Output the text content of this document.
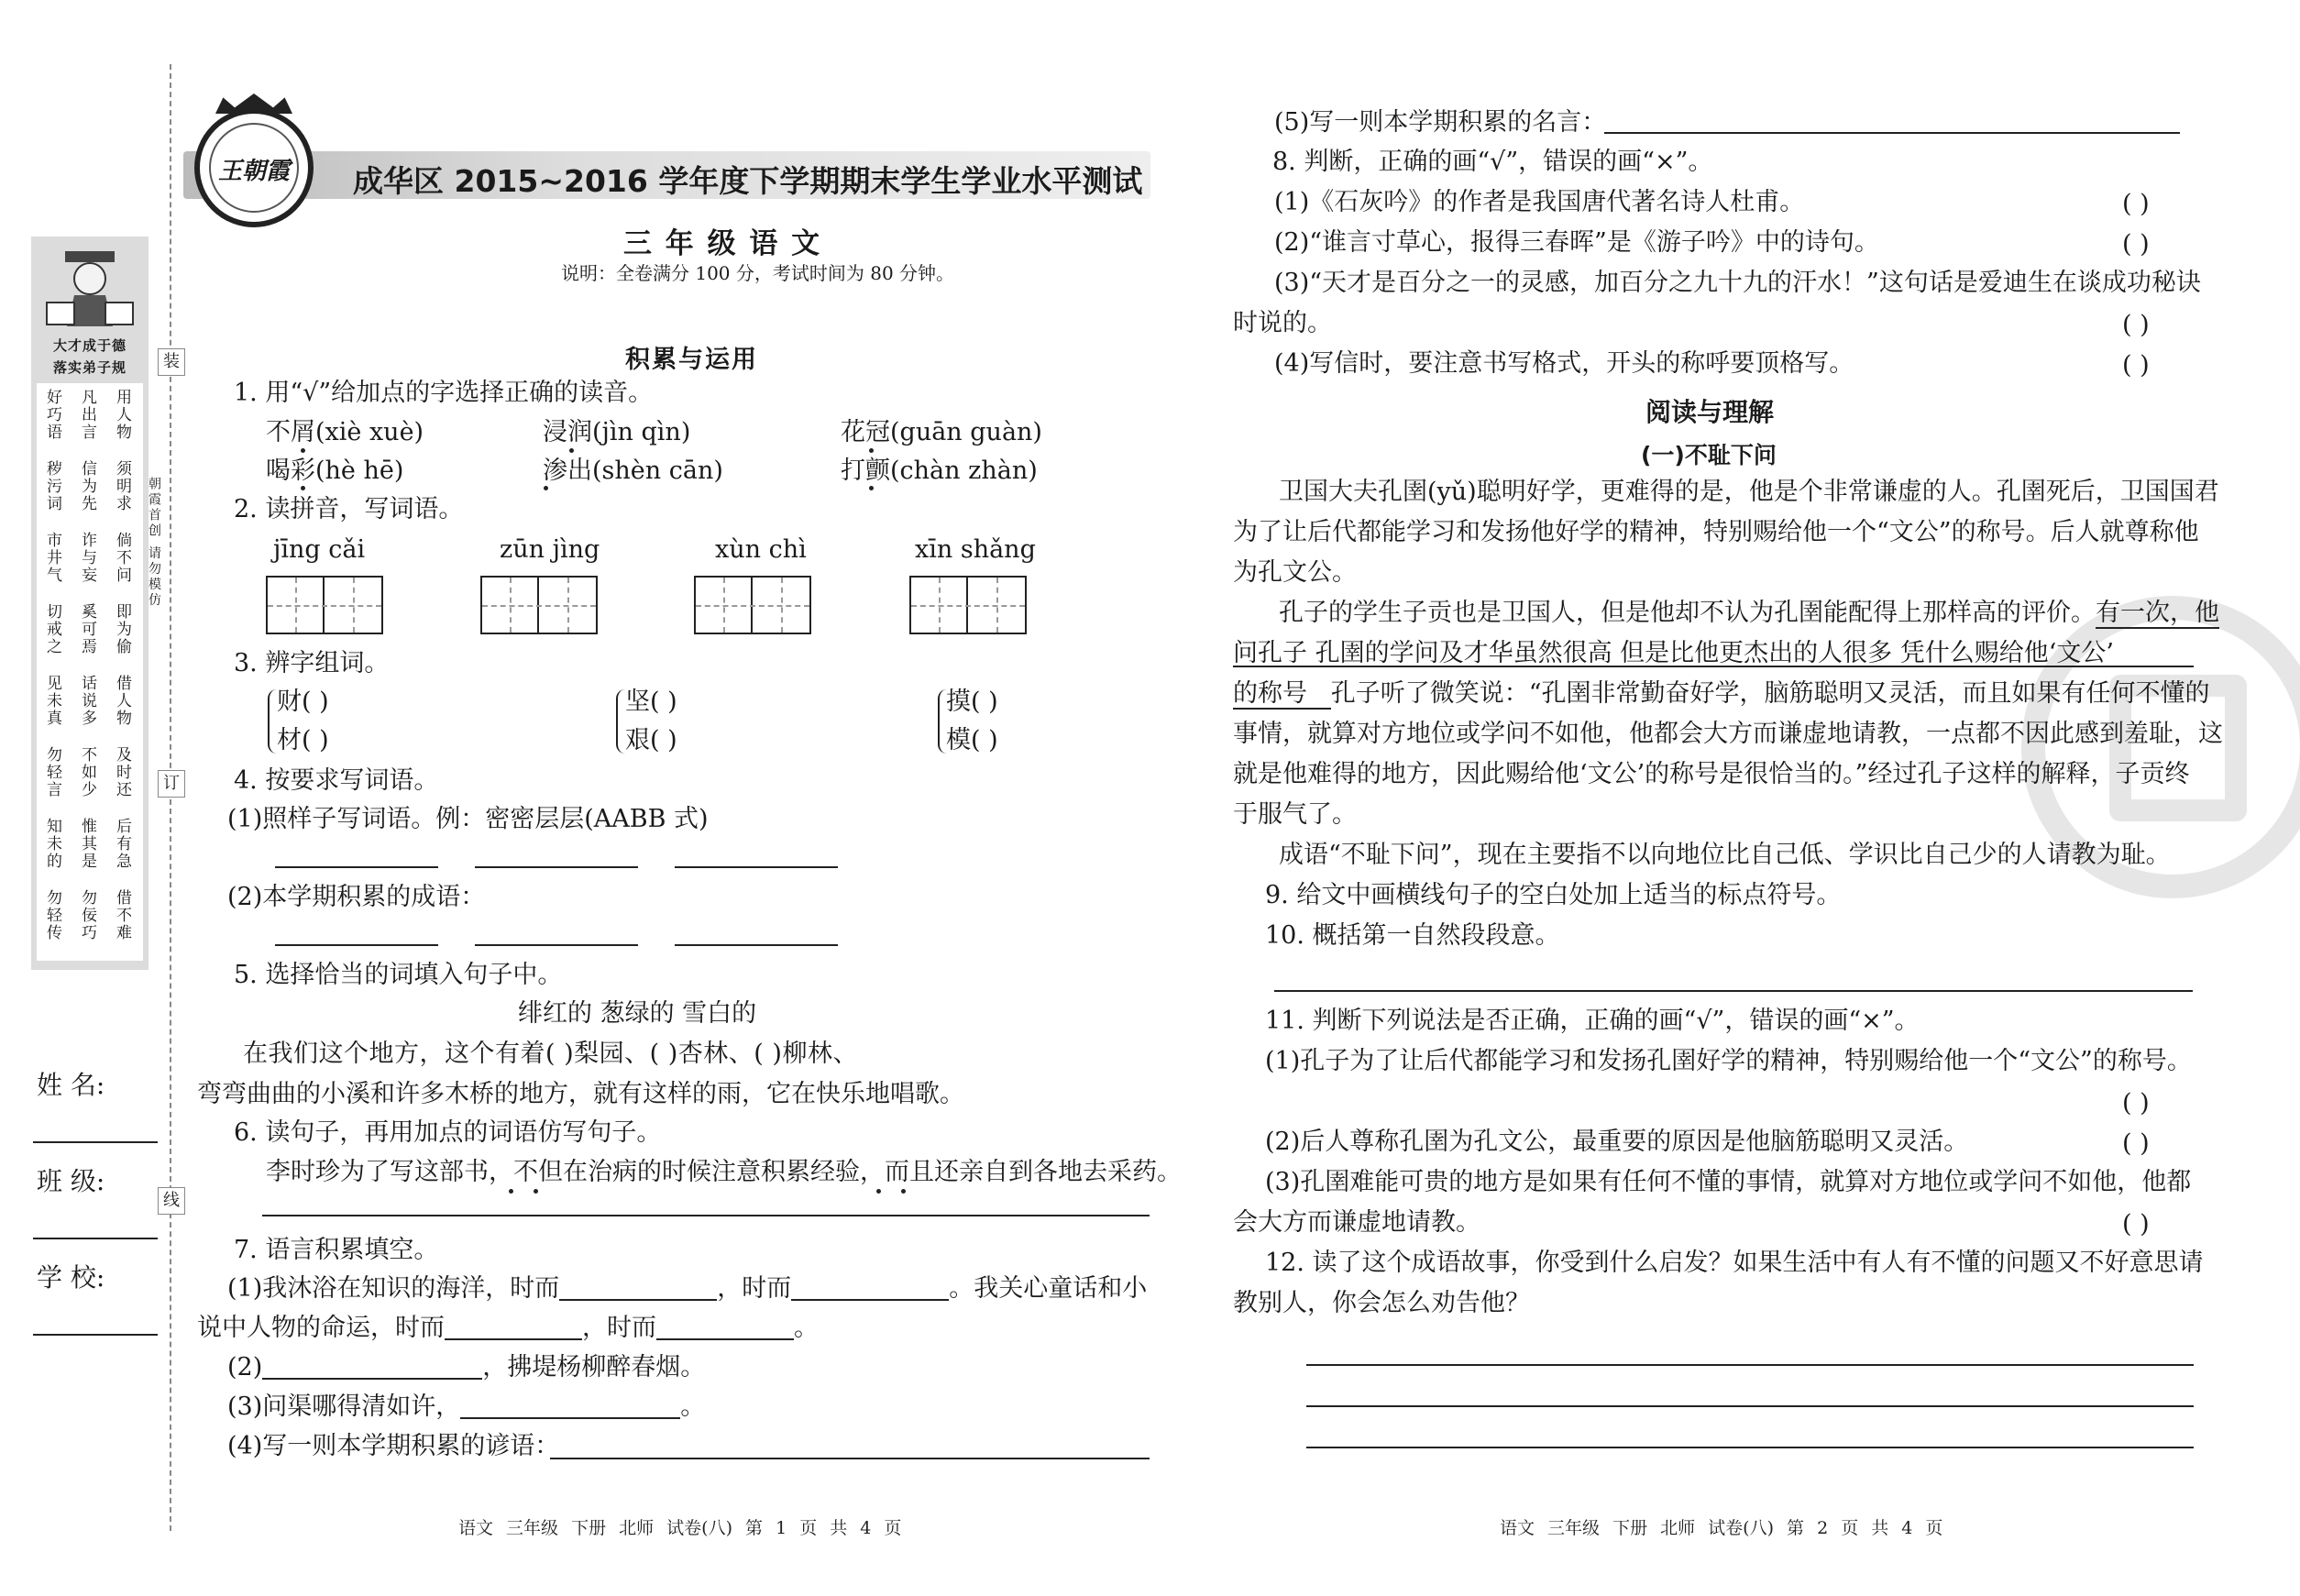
装
订
线
大才成于德
落实弟子规
好巧语 凡出言 用人物
秽污词 信为先 须明求
市井气 诈与妄 倘不问
切戒之 奚可焉 即为偷
见未真 话说多 借人物
勿轻言 不如少 及时还
知未的 惟其是 后有急
勿轻传 勿佞巧 借不难
朝霞首创 请勿模仿
姓 名:
班 级:
学 校:
王朝霞	成华区 2015~2016 学年度下学期期末学生学业水平测试
三 年 级 语 文
说明：全卷满分 100 分，考试时间为 80 分钟。
积累与运用
1. 用“√”给加点的字选择正确的读音。
不屑(xiè xuè)	浸润(jìn qìn)	花冠(guān guàn)
喝彩(hè hē)	渗出(shèn cān)	打颤(chàn zhàn)
2. 读拼音，写词语。
jīng cǎi	zūn jìng	xùn chì	xīn shǎng
3. 辨字组词。
财( )
材( )
坚( )
艰( )
摸( )
模( )
4. 按要求写词语。
(1)照样子写词语。例：密密层层(AABB 式)
(2)本学期积累的成语：
5. 选择恰当的词填入句子中。
绯红的 葱绿的 雪白的
在我们这个地方，这个有着( )梨园、( )杏林、( )柳林、
弯弯曲曲的小溪和许多木桥的地方，就有这样的雨，它在快乐地唱歌。
6. 读句子，再用加点的词语仿写句子。
李时珍为了写这部书，不但在治病的时候注意积累经验，而且还亲自到各地去采药。
7. 语言积累填空。
(1)我沐浴在知识的海洋，时而	，时而	。我关心童话和小
说中人物的命运，时而	，时而	。
(2)	，拂堤杨柳醉春烟。
(3)问渠哪得清如许，	。
(4)写一则本学期积累的谚语：
语文 三年级 下册 北师 试卷(八) 第 1 页 共 4 页
(5)写一则本学期积累的名言：
8. 判断，正确的画“√”，错误的画“×”。
(1)《石灰吟》的作者是我国唐代著名诗人杜甫。	( )
(2)“谁言寸草心，报得三春晖”是《游子吟》中的诗句。	( )
(3)“天才是百分之一的灵感，加百分之九十九的汗水！”这句话是爱迪生在谈成功秘诀
时说的。	( )
(4)写信时，要注意书写格式，开头的称呼要顶格写。	( )
阅读与理解
(一)不耻下问
卫国大夫孔圉(yǔ)聪明好学，更难得的是，他是个非常谦虚的人。孔圉死后，卫国国君
为了让后代都能学习和发扬他好学的精神，特别赐给他一个“文公”的称号。后人就尊称他
为孔文公。
孔子的学生子贡也是卫国人，但是他却不认为孔圉能配得上那样高的评价。有一次，他
问孔子 孔圉的学问及才华虽然很高 但是比他更杰出的人很多 凭什么赐给他‘文公’
的称号   孔子听了微笑说：“孔圉非常勤奋好学，脑筋聪明又灵活，而且如果有任何不懂的
事情，就算对方地位或学问不如他，他都会大方而谦虚地请教，一点都不因此感到羞耻，这
就是他难得的地方，因此赐给他‘文公’的称号是很恰当的。”经过孔子这样的解释，子贡终
于服气了。
成语“不耻下问”，现在主要指不以向地位比自己低、学识比自己少的人请教为耻。
9. 给文中画横线句子的空白处加上适当的标点符号。
10. 概括第一自然段段意。
11. 判断下列说法是否正确，正确的画“√”，错误的画“×”。
(1)孔子为了让后代都能学习和发扬孔圉好学的精神，特别赐给他一个“文公”的称号。
( )
(2)后人尊称孔圉为孔文公，最重要的原因是他脑筋聪明又灵活。	( )
(3)孔圉难能可贵的地方是如果有任何不懂的事情，就算对方地位或学问不如他，他都
会大方而谦虚地请教。	( )
12. 读了这个成语故事，你受到什么启发？如果生活中有人有不懂的问题又不好意思请
教别人，你会怎么劝告他？
语文 三年级 下册 北师 试卷(八) 第 2 页 共 4 页
